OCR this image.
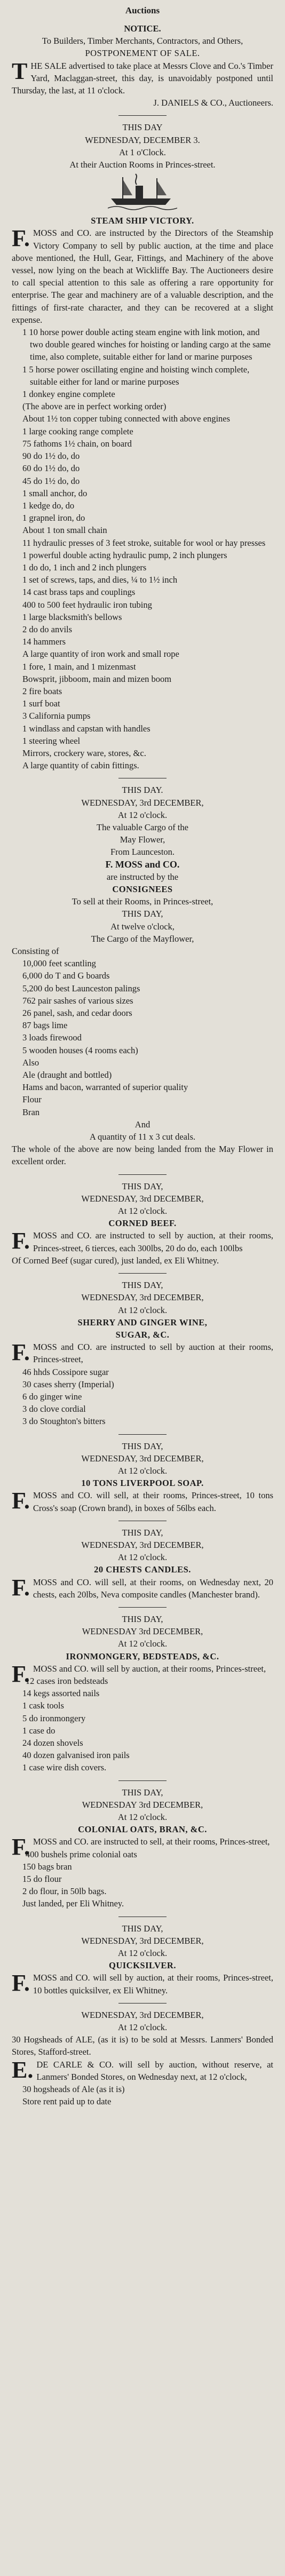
Auctions
NOTICE.
To Builders, Timber Merchants, Contractors, and Others,
POSTPONEMENT OF SALE.

THE SALE advertised to take place at Messrs Clove and Co.'s Timber Yard, Maclaggan-street, this day, is unavoidably postponed until Thursday, the last, at 11 o'clock.

J. DANIELS & CO., Auctioneers.
THIS DAY
WEDNESDAY, DECEMBER 3.
At 1 o'Clock.
At their Auction Rooms in Princes-street.
STEAM SHIP VICTORY.

F.MOSS and CO. are instructed by the Directors of the Steamship Victory Company to sell by public auction, at the time and place above mentioned, the Hull, Gear, Fittings, and Machinery of the above vessel, now lying on the beach at Wickliffe Bay. The Auctioneers desire to call special attention to this sale as offering a rare opportunity for enterprise. The gear and machinery are of a valuable description, and the fittings of first-rate character, and they can be recovered at a slight expense.

1 10 horse power double acting steam engine with link motion, and two double geared winches for hoisting or landing cargo at the same time, also complete, suitable either for land or marine purposes
1 5 horse power oscillating engine and hoisting winch complete, suitable either for land or marine purposes
1 donkey engine complete
(The above are in perfect working order)
About 1½ ton copper tubing connected with above engines
1 large cooking range complete
75 fathoms 1½ chain, on board
90 do 1½ do, do
60 do 1½ do, do
45 do 1½ do, do
1 small anchor, do
1 kedge do, do
1 grapnel iron, do
About 1 ton small chain
11 hydraulic presses of 3 feet stroke, suitable for wool or hay presses
1 powerful double acting hydraulic pump, 2 inch plungers
1 do do, 1 inch and 2 inch plungers
1 set of screws, taps, and dies, ¼ to 1½ inch
14 cast brass taps and couplings
400 to 500 feet hydraulic iron tubing
1 large blacksmith's bellows
2 do do anvils
14 hammers
A large quantity of iron work and small rope
1 fore, 1 main, and 1 mizenmast
Bowsprit, jibboom, main and mizen boom
2 fire boats
1 surf boat
3 California pumps
1 windlass and capstan with handles
1 steering wheel
Mirrors, crockery ware, stores, &c.
A large quantity of cabin fittings.
THIS DAY.
WEDNESDAY, 3rd DECEMBER,
At 12 o'clock.
The valuable Cargo of the
May Flower,
From Launceston.
F. MOSS and CO.
are instructed by the
CONSIGNEES
To sell at their Rooms, in Princes-street,
THIS DAY,
At twelve o'clock,
The Cargo of the Mayflower,
Consisting of
10,000 feet scantling
6,000 do T and G boards
5,200 do best Launceston palings
762 pair sashes of various sizes
26 panel, sash, and cedar doors
87 bags lime
3 loads firewood
5 wooden houses (4 rooms each)
Also
Ale (draught and bottled)
Hams and bacon, warranted of superior quality
Flour
Bran
And
A quantity of 11 x 3 cut deals.

The whole of the above are now being landed from the May Flower in excellent order.

THIS DAY,
WEDNESDAY, 3rd DECEMBER,
At 12 o'clock.
CORNED BEEF.

F.MOSS and CO. are instructed to sell by auction, at their rooms, Princes-street, 6 tierces, each 300lbs, 20 do do, each 100lbs

Of Corned Beef (sugar cured), just landed, ex Eli Whitney.

THIS DAY,
WEDNESDAY, 3rd DECEMBER,
At 12 o'clock.
SHERRY AND GINGER WINE,
SUGAR, &C.

F.MOSS and CO. are instructed to sell by auction at their rooms, Princes-street,

46 hhds Cossipore sugar
30 cases sherry (Imperial)
6 do ginger wine
3 do clove cordial
3 do Stoughton's bitters
THIS DAY,
WEDNESDAY, 3rd DECEMBER,
At 12 o'clock.
10 TONS LIVERPOOL SOAP.

F.MOSS and CO. will sell, at their rooms, Princes-street, 10 tons Cross's soap (Crown brand), in boxes of 56lbs each.

THIS DAY,
WEDNESDAY, 3rd DECEMBER,
At 12 o'clock.
20 CHESTS CANDLES.

F.MOSS and CO. will sell, at their rooms, on Wednesday next, 20 chests, each 20lbs, Neva composite candles (Manchester brand).

THIS DAY,
WEDNESDAY 3rd DECEMBER,
At 12 o'clock.
IRONMONGERY, BEDSTEADS, &C.

F.MOSS and CO. will sell by auction, at their rooms, Princes-street,

12 cases iron bedsteads
14 kegs assorted nails
1 cask tools
5 do ironmongery
1 case do
24 dozen shovels
40 dozen galvanised iron pails
1 case wire dish covers.
THIS DAY,
WEDNESDAY 3rd DECEMBER,
At 12 o'clock.
COLONIAL OATS, BRAN, &C.

F.MOSS and CO. are instructed to sell, at their rooms, Princes-street,

400 bushels prime colonial oats
150 bags bran
15 do flour
2 do flour, in 50lb bags.
Just landed, per Eli Whitney.
THIS DAY,
WEDNESDAY, 3rd DECEMBER,
At 12 o'clock.
QUICKSILVER.

F.MOSS and CO. will sell by auction, at their rooms, Princes-street, 10 bottles quicksilver, ex Eli Whitney.

WEDNESDAY, 3rd DECEMBER,
At 12 o'clock.

30 Hogsheads of ALE, (as it is) to be sold at Messrs. Lanmers' Bonded Stores, Stafford-street.

E.DE CARLE & CO. will sell by auction, without reserve, at Lanmers' Bonded Stores, on Wednesday next, at 12 o'clock,

30 hogsheads of Ale (as it is)
Store rent paid up to date
